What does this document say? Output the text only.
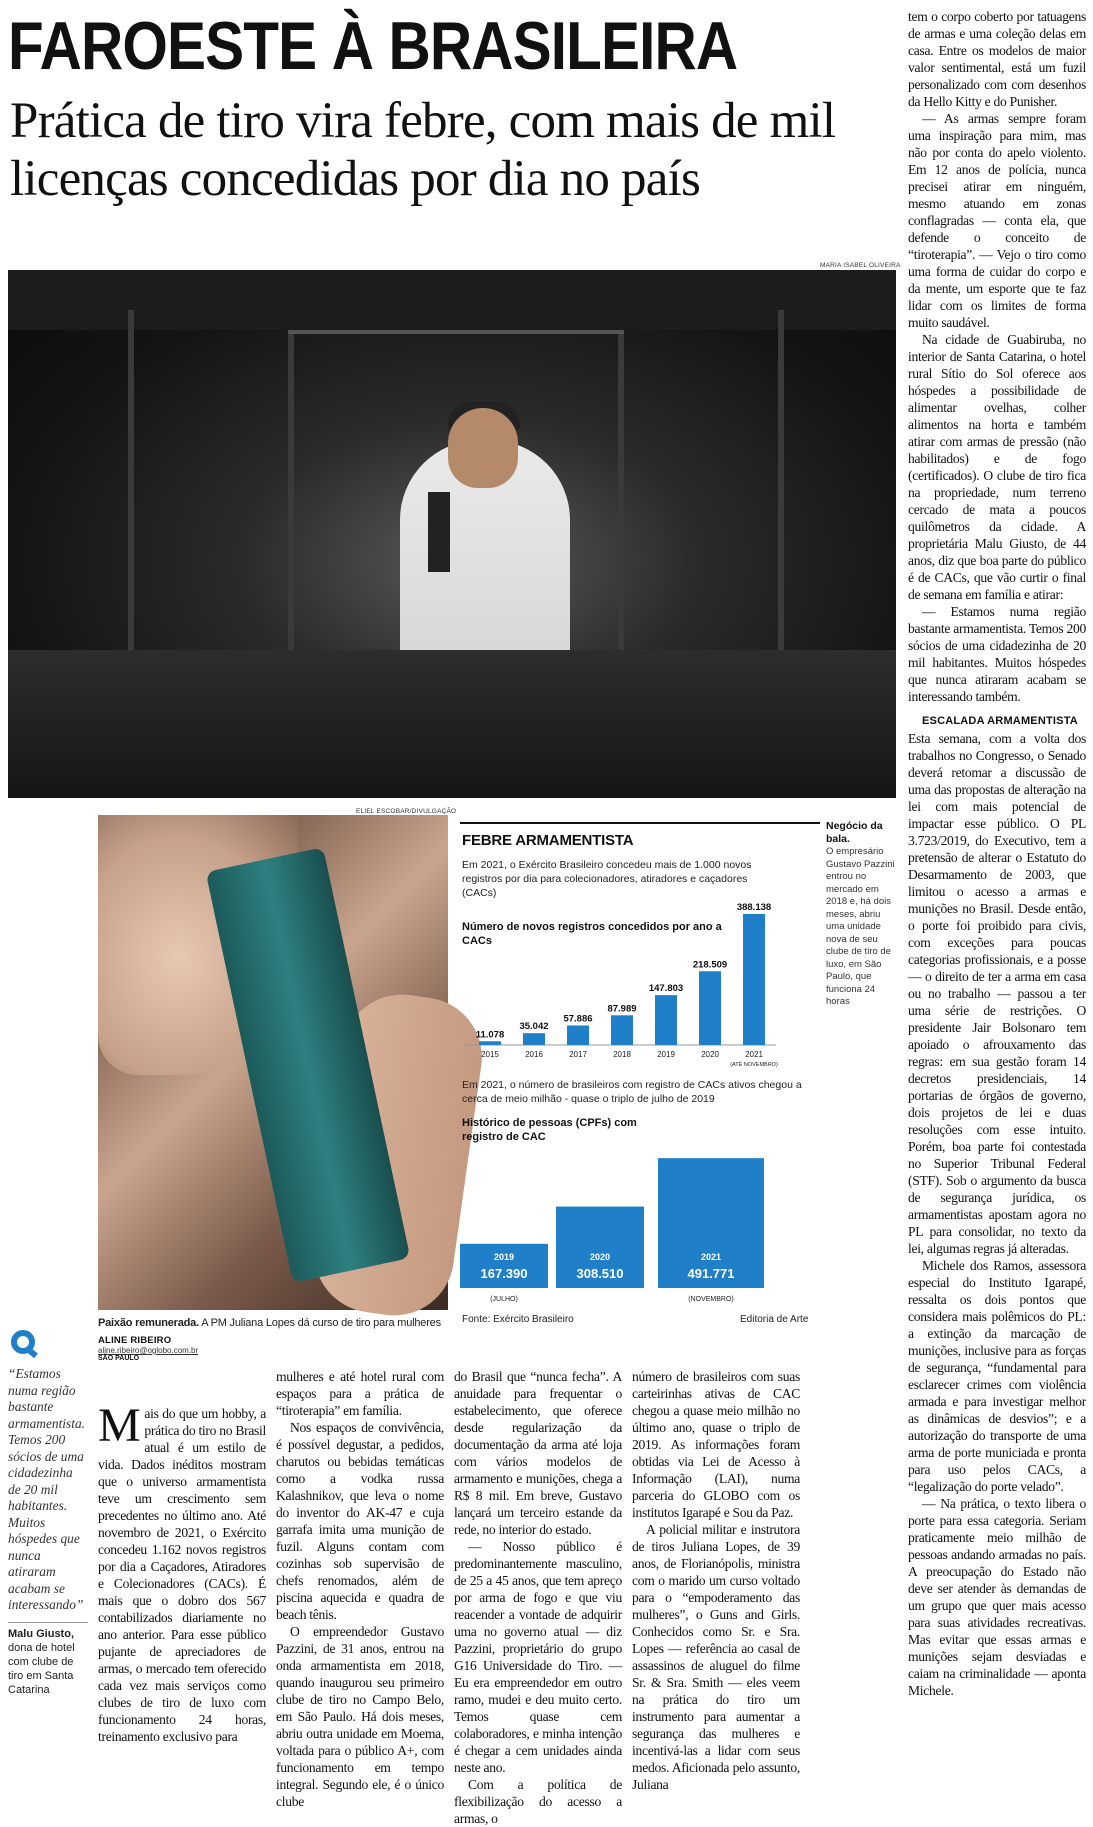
FAROESTE À BRASILEIRA
Prática de tiro vira febre, com mais de mil licenças concedidas por dia no país
MARIA ISABEL OLIVEIRA
ELIEL ESCOBAR/DIVULGAÇÃO
Paixão remunerada. A PM Juliana Lopes dá curso de tiro para mulheres
FEBRE ARMAMENTISTA
Em 2021, o Exército Brasileiro concedeu mais de 1.000 novos registros por dia para colecionadores, atiradores e caçadores (CACs)
Número de novos registros concedidos por ano a CACs
11.078
2015
35.042
2016
57.886
2017
87.989
2018
147.803
2019
218.509
2020
388.138
2021
(ATÉ NOVEMBRO)
Em 2021, o número de brasileiros com registro de CACs ativos chegou a cerca de meio milhão - quase o triplo de julho de 2019
Histórico de pessoas (CPFs) com registro de CAC
2019
167.390
(JULHO)
2020
308.510
2021
491.771
(NOVEMBRO)
Fonte: Exército Brasileiro	Editoria de Arte
Negócio da bala.
O empresário Gustavo Pazzini entrou no mercado em 2018 e, há dois meses, abriu uma unidade nova de seu clube de tiro de luxo, em São Paulo, que funciona 24 horas
“Estamos numa região bastante armamentista. Temos 200 sócios de uma cidadezinha de 20 mil habitantes. Muitos hóspedes que nunca atiraram acabam se interessando”
Malu Giusto,
dona de hotel com clube de tiro em Santa Catarina
ALINE RIBEIRO
aline.ribeiro@oglobo.com.br
SÃO PAULO

Mais do que um hobby, a prática do tiro no Brasil atual é um estilo de vida. Dados inéditos mostram que o universo armamentista teve um crescimento sem precedentes no último ano. Até novembro de 2021, o Exército concedeu 1.162 novos registros por dia a Caçadores, Atiradores e Colecionadores (CACs). É mais que o dobro dos 567 contabilizados diariamente no ano anterior. Para esse público pujante de apreciadores de armas, o mercado tem oferecido cada vez mais serviços como clubes de tiro de luxo com funcionamento 24 horas, treinamento exclusivo para

mulheres e até hotel rural com espaços para a prática de “tiroterapia” em família.

Nos espaços de convivência, é possível degustar, a pedidos, charutos ou bebidas temáticas como a vodka russa Kalashnikov, que leva o nome do inventor do AK-47 e cuja garrafa imita uma munição de fuzil. Alguns contam com cozinhas sob supervisão de chefs renomados, além de piscina aquecida e quadra de beach tênis.

O empreendedor Gustavo Pazzini, de 31 anos, entrou na onda armamentista em 2018, quando inaugurou seu primeiro clube de tiro no Campo Belo, em São Paulo. Há dois meses, abriu outra unidade em Moema, voltada para o público A+, com funcionamento em tempo integral. Segundo ele, é o único clube

do Brasil que “nunca fecha”. A anuidade para frequentar o estabelecimento, que oferece desde regularização da documentação da arma até loja com vários modelos de armamento e munições, chega a R$ 8 mil. Em breve, Gustavo lançará um terceiro estande da rede, no interior do estado.

— Nosso público é predominantemente masculino, de 25 a 45 anos, que tem apreço por arma de fogo e que viu reacender a vontade de adquirir uma no governo atual — diz Pazzini, proprietário do grupo G16 Universidade do Tiro. — Eu era empreendedor em outro ramo, mudei e deu muito certo. Temos quase cem colaboradores, e minha intenção é chegar a cem unidades ainda neste ano.

Com a política de flexibilização do acesso a armas, o

número de brasileiros com suas carteirinhas ativas de CAC chegou a quase meio milhão no último ano, quase o triplo de 2019. As informações foram obtidas via Lei de Acesso à Informação (LAI), numa parceria do GLOBO com os institutos Igarapé e Sou da Paz.

A policial militar e instrutora de tiros Juliana Lopes, de 39 anos, de Florianópolis, ministra com o marido um curso voltado para o “empoderamento das mulheres”, o Guns and Girls. Conhecidos como Sr. e Sra. Lopes — referência ao casal de assassinos de aluguel do filme Sr. & Sra. Smith — eles veem na prática do tiro um instrumento para aumentar a segurança das mulheres e incentivá-las a lidar com seus medos. Aficionada pelo assunto, Juliana

tem o corpo coberto por tatuagens de armas e uma coleção delas em casa. Entre os modelos de maior valor sentimental, está um fuzil personalizado com com desenhos da Hello Kitty e do Punisher.

— As armas sempre foram uma inspiração para mim, mas não por conta do apelo violento. Em 12 anos de polícia, nunca precisei atirar em ninguém, mesmo atuando em zonas conflagradas — conta ela, que defende o conceito de “tiroterapia”. — Vejo o tiro como uma forma de cuidar do corpo e da mente, um esporte que te faz lidar com os limites de forma muito saudável.

Na cidade de Guabiruba, no interior de Santa Catarina, o hotel rural Sítio do Sol oferece aos hóspedes a possibilidade de alimentar ovelhas, colher alimentos na horta e também atirar com armas de pressão (não habilitados) e de fogo (certificados). O clube de tiro fica na propriedade, num terreno cercado de mata a poucos quilômetros da cidade. A proprietária Malu Giusto, de 44 anos, diz que boa parte do público é de CACs, que vão curtir o final de semana em família e atirar:

— Estamos numa região bastante armamentista. Temos 200 sócios de uma cidadezinha de 20 mil habitantes. Muitos hóspedes que nunca atiraram acabam se interessando também.

ESCALADA ARMAMENTISTA

Esta semana, com a volta dos trabalhos no Congresso, o Senado deverá retomar a discussão de uma das propostas de alteração na lei com mais potencial de impactar esse público. O PL 3.723/2019, do Executivo, tem a pretensão de alterar o Estatuto do Desarmamento de 2003, que limitou o acesso a armas e munições no Brasil. Desde então, o porte foi proibido para civis, com exceções para poucas categorias profissionais, e a posse — o direito de ter a arma em casa ou no trabalho — passou a ter uma série de restrições. O presidente Jair Bolsonaro tem apoiado o afrouxamento das regras: em sua gestão foram 14 decretos presidenciais, 14 portarias de órgãos de governo, dois projetos de lei e duas resoluções com esse intuito. Porém, boa parte foi contestada no Superior Tribunal Federal (STF). Sob o argumento da busca de segurança jurídica, os armamentistas apostam agora no PL para consolidar, no texto da lei, algumas regras já alteradas.

Michele dos Ramos, assessora especial do Instituto Igarapé, ressalta os dois pontos que considera mais polêmicos do PL: a extinção da marcação de munições, inclusive para as forças de segurança, “fundamental para esclarecer crimes com violência armada e para investigar melhor as dinâmicas de desvios”; e a autorização do transporte de uma arma de porte municiada e pronta para uso pelos CACs, a “legalização do porte velado”.

— Na prática, o texto libera o porte para essa categoria. Seriam praticamente meio milhão de pessoas andando armadas no país. A preocupação do Estado não deve ser atender às demandas de um grupo que quer mais acesso para suas atividades recreativas. Mas evitar que essas armas e munições sejam desviadas e caiam na criminalidade — aponta Michele.
